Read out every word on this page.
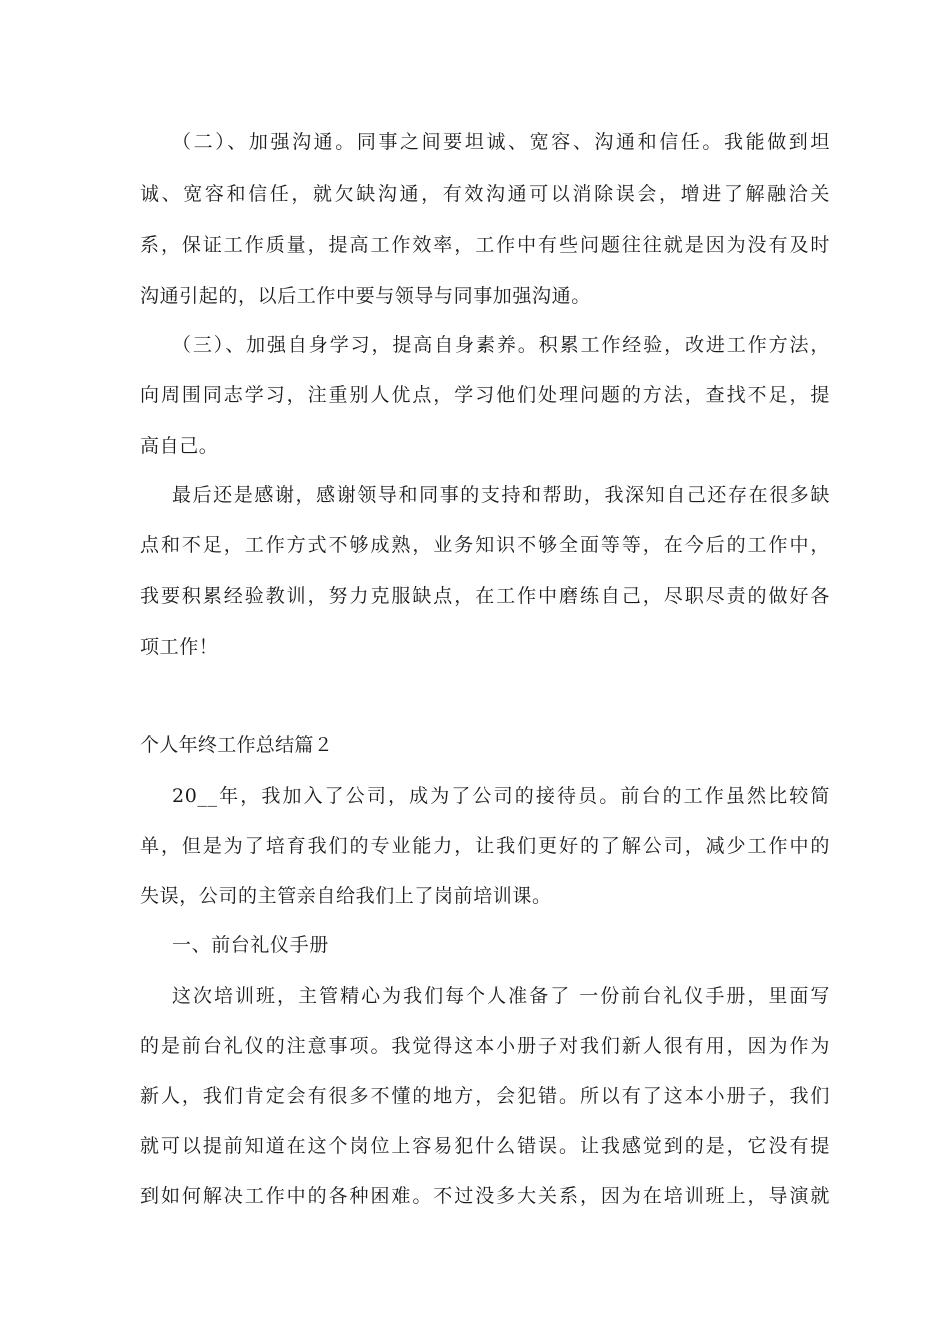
（二）、加强沟通。同事之间要坦诚、宽容、沟通和信任。我能做到坦

诚、宽容和信任，就欠缺沟通，有效沟通可以消除误会，增进了解融洽关

系，保证工作质量，提高工作效率，工作中有些问题往往就是因为没有及时

沟通引起的，以后工作中要与领导与同事加强沟通。

（三）、加强自身学习，提高自身素养。积累工作经验，改进工作方法，

向周围同志学习，注重别人优点，学习他们处理问题的方法，查找不足，提

高自己。

最后还是感谢，感谢领导和同事的支持和帮助，我深知自己还存在很多缺

点和不足，工作方式不够成熟，业务知识不够全面等等，在今后的工作中，

我要积累经验教训，努力克服缺点，在工作中磨练自己，尽职尽责的做好各

项工作！

个人年终工作总结篇２

20__年，我加入了公司，成为了公司的接待员。前台的工作虽然比较简

单，但是为了培育我们的专业能力，让我们更好的了解公司，减少工作中的

失误，公司的主管亲自给我们上了岗前培训课。

一、前台礼仪手册

这次培训班，主管精心为我们每个人准备了 一份前台礼仪手册，里面写

的是前台礼仪的注意事项。我觉得这本小册子对我们新人很有用，因为作为

新人，我们肯定会有很多不懂的地方，会犯错。所以有了这本小册子，我们

就可以提前知道在这个岗位上容易犯什么错误。让我感觉到的是，它没有提

到如何解决工作中的各种困难。不过没多大关系，因为在培训班上，导演就
